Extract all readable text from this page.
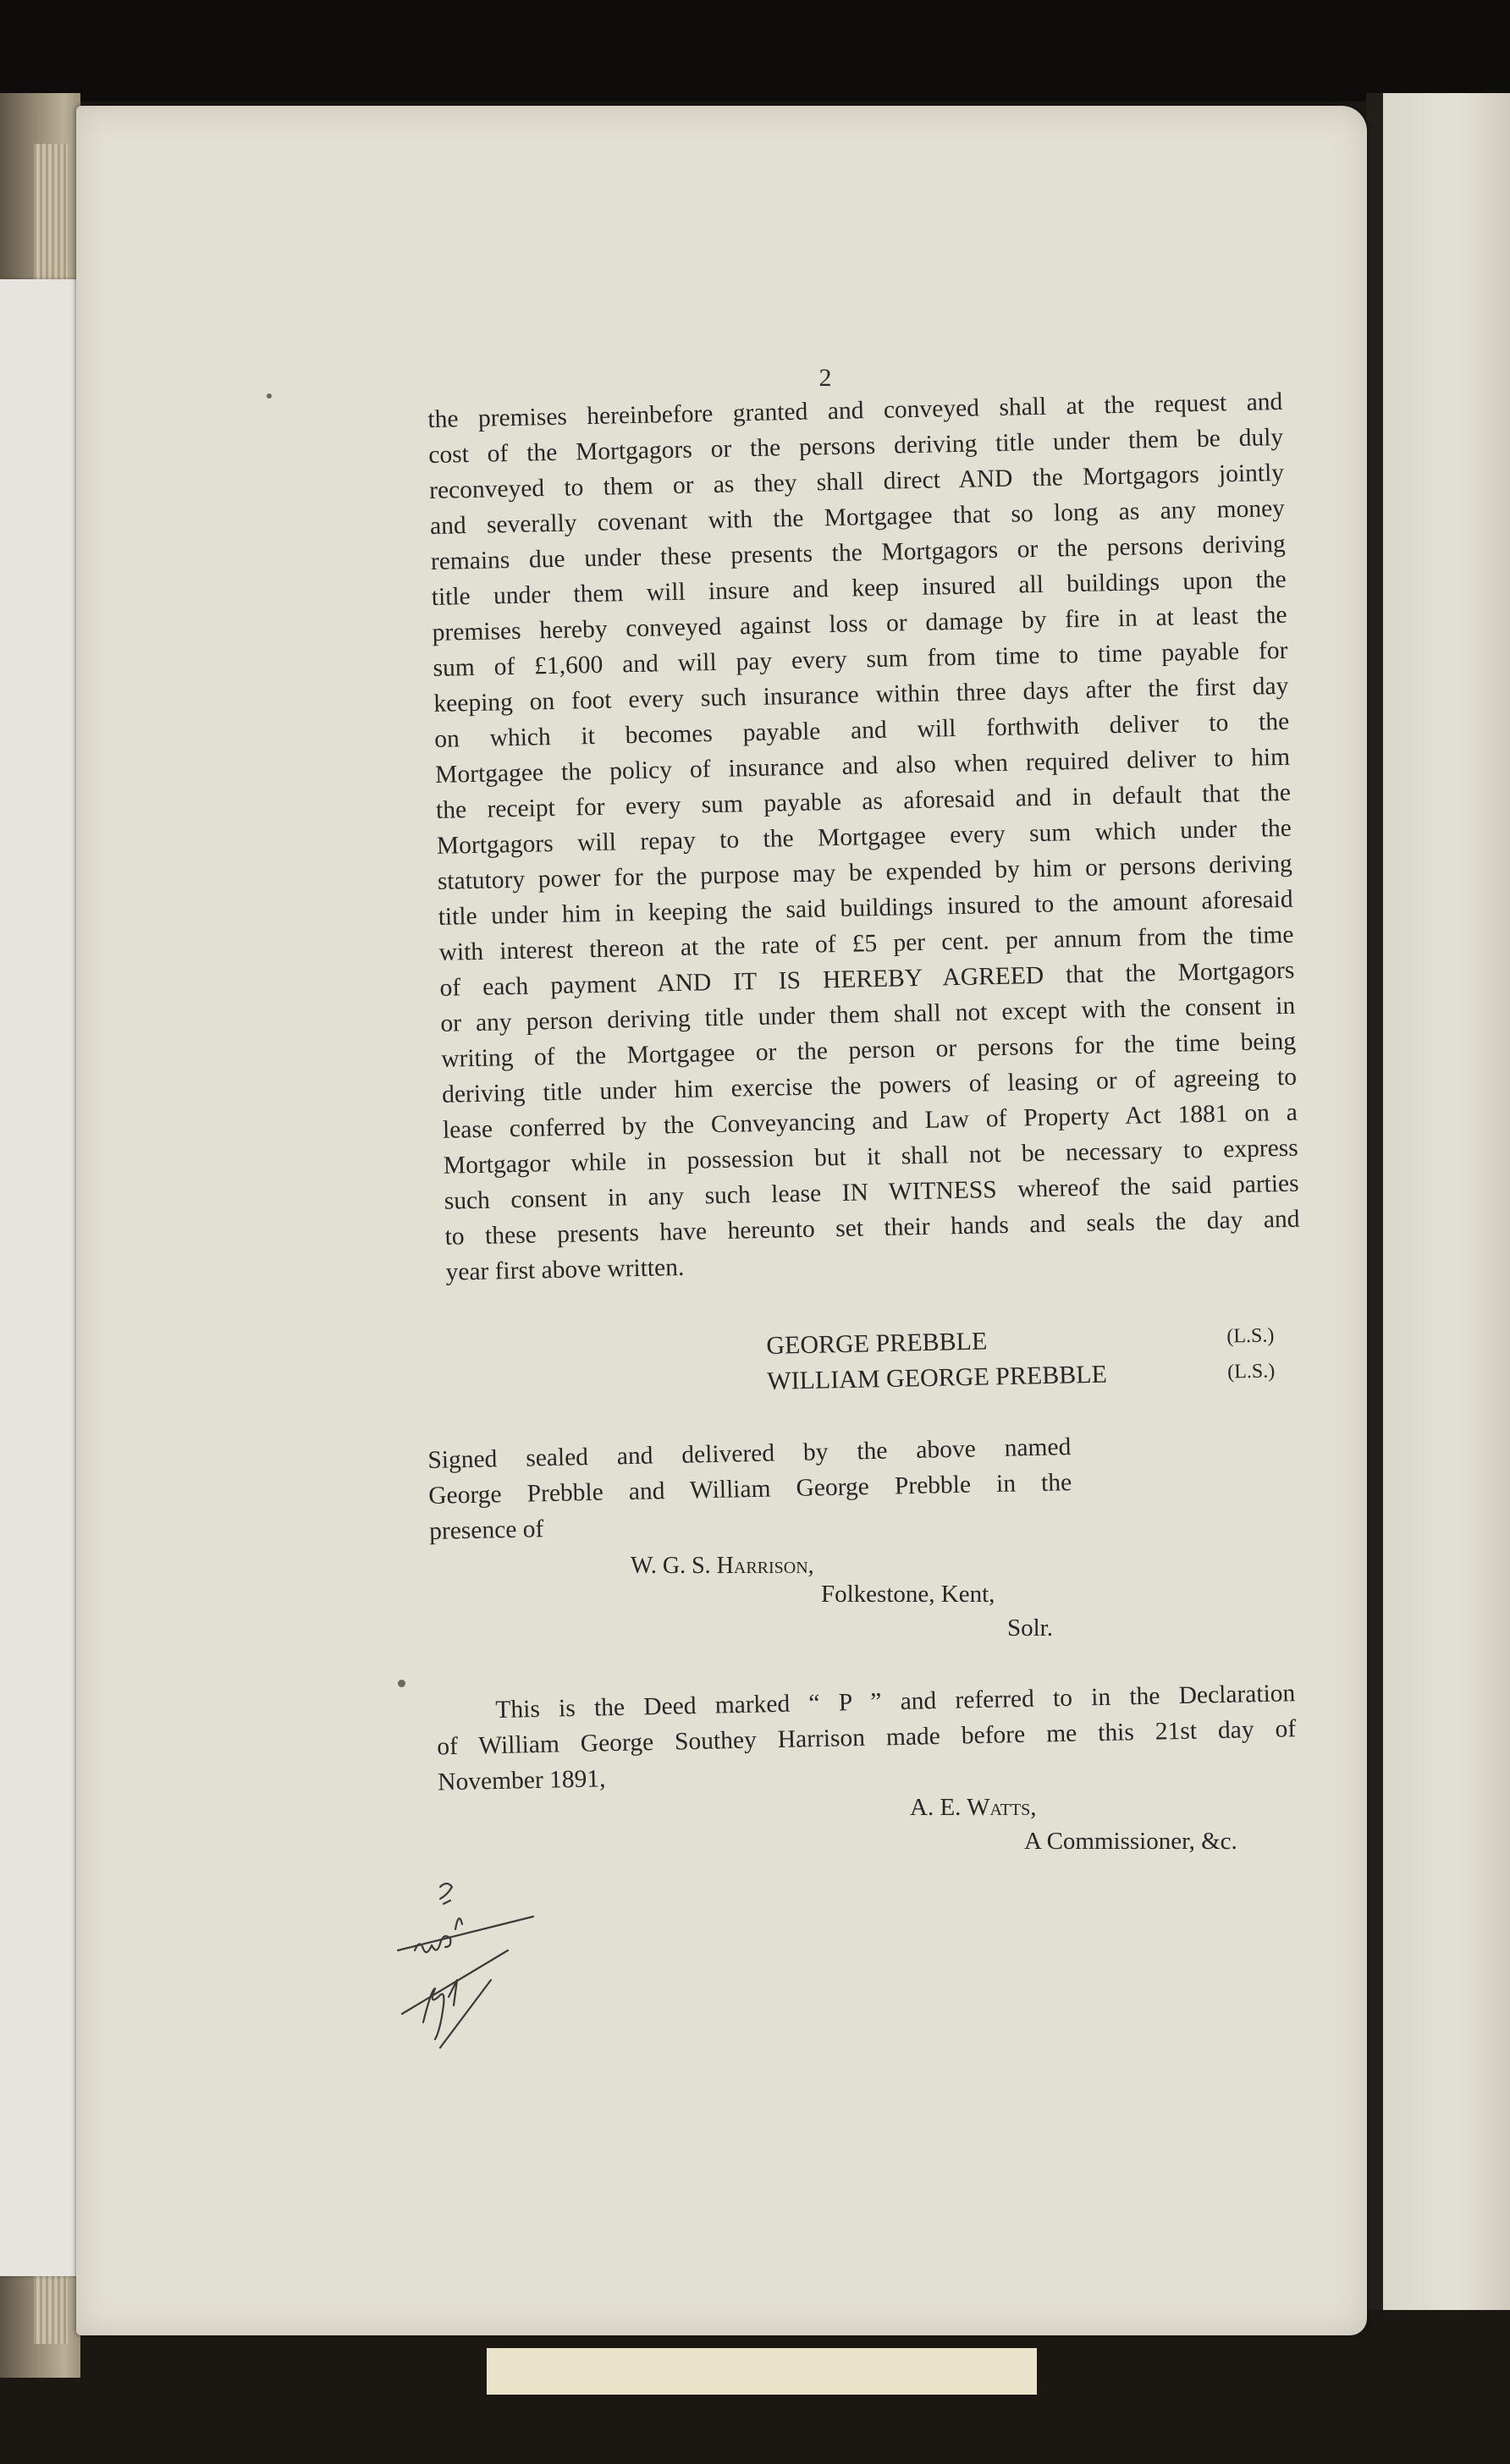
2
the premises hereinbefore granted and conveyed shall at the request and
cost of the Mortgagors or the persons deriving title under them be duly
reconveyed to them or as they shall direct AND the Mortgagors jointly
and severally covenant with the Mortgagee that so long as any money
remains due under these presents the Mortgagors or the persons deriving
title under them will insure and keep insured all buildings upon the
premises hereby conveyed against loss or damage by fire in at least the
sum of £1,600 and will pay every sum from time to time payable for
keeping on foot every such insurance within three days after the first day
on which it becomes payable and will forthwith deliver to the
Mortgagee the policy of insurance and also when required deliver to him
the receipt for every sum payable as aforesaid and in default that the
Mortgagors will repay to the Mortgagee every sum which under the
statutory power for the purpose may be expended by him or persons deriving
title under him in keeping the said buildings insured to the amount aforesaid
with interest thereon at the rate of £5 per cent. per annum from the time
of each payment AND IT IS HEREBY AGREED that the Mortgagors
or any person deriving title under them shall not except with the consent in
writing of the Mortgagee or the person or persons for the time being
deriving title under him exercise the powers of leasing or of agreeing to
lease conferred by the Conveyancing and Law of Property Act 1881 on a
Mortgagor while in possession but it shall not be necessary to express
such consent in any such lease IN WITNESS whereof the said parties
to these presents have hereunto set their hands and seals the day and
year first above written.
GEORGE PREBBLE	(L.S.)
WILLIAM GEORGE PREBBLE	(L.S.)
Signed sealed and delivered by the above named
George Prebble and William George Prebble in the
presence of
W. G. S. Harrison,
Folkestone, Kent,
Solr.
This is the Deed marked “ P ” and referred to in the Declaration
of William George Southey Harrison made before me this 21st day of
November 1891,
A. E. Watts,
A Commissioner, &c.
